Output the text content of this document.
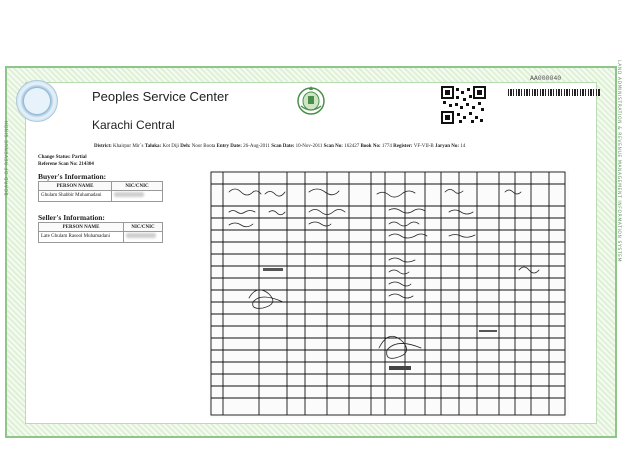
BOARD OF REVENUE SINDH	LAND ADMINISTRATION & REVENUE MANAGEMENT INFORMATION SYSTEM
AA000040
Peoples Service Center
Karachi Central
District: Khairpur Mir`s Taluka: Kot Diji Deh: Noor Boota Entry Date: 26-Aug-2011 Scan Date: 10-Nov-2011 Scan No: 162427 Book No: 1774 Register: VF-VII-B Jaryan No: 14
Change Status: Partial
Referene Scan No: 214304
Buyer's Information:
PERSON NAME	NIC/CNIC
Ghulam Shabbir Muhamadani	
Seller's Information:
PERSON NAME	NIC/CNIC
Late Ghulam Rasool Muhamadani	
